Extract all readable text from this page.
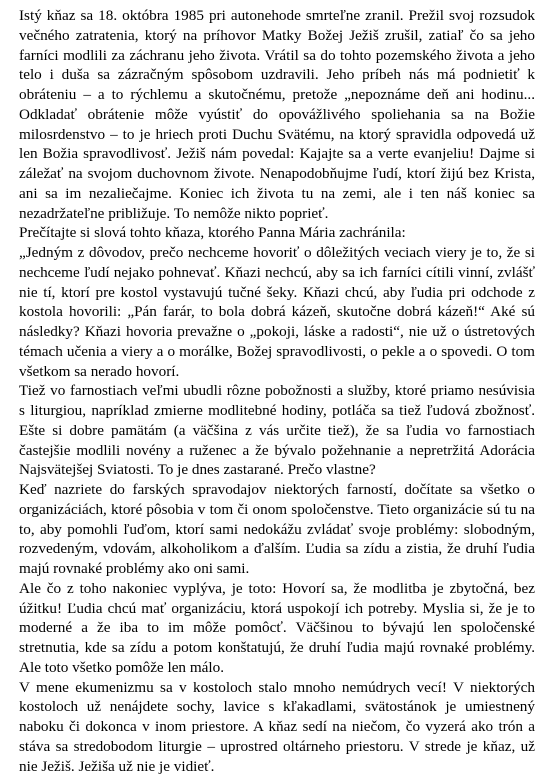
Istý kňaz sa 18. októbra 1985 pri autonehode smrteľne zranil. Prežil svoj rozsudok večného zatratenia, ktorý na príhovor Matky Božej Ježiš zrušil, zatiaľ čo sa jeho farníci modlili za záchranu jeho života. Vrátil sa do tohto pozemského života a jeho telo i duša sa zázračným spôsobom uzdravili. Jeho príbeh nás má podnietiť k obráteniu – a to rýchlemu a skutočnému, pretože „nepoznáme deň ani hodinu... Odkladať obrátenie môže vyústiť do opovážlivého spoliehania sa na Božie milosrdenstvo – to je hriech proti Duchu Svätému, na ktorý spravidla odpovedá už len Božia spravodlivosť. Ježiš nám povedal: Kajajte sa a verte evanjeliu! Dajme si záležať na svojom duchovnom živote. Nenapodobňujme ľudí, ktorí žijú bez Krista, ani sa im nezaliečajme. Koniec ich života tu na zemi, ale i ten náš koniec sa nezadržateľne približuje. To nemôže nikto poprieť.

Prečítajte si slová tohto kňaza, ktorého Panna Mária zachránila:

„Jedným z dôvodov, prečo nechceme hovoriť o dôležitých veciach viery je to, že si nechceme ľudí nejako pohnevať. Kňazi nechcú, aby sa ich farníci cítili vinní, zvlášť nie tí, ktorí pre kostol vystavujú tučné šeky. Kňazi chcú, aby ľudia pri odchode z kostola hovorili: „Pán farár, to bola dobrá kázeň, skutočne dobrá kázeň!“ Aké sú následky? Kňazi hovoria prevažne o „pokoji, láske a radosti“, nie už o ústretových témach učenia a viery a o morálke, Božej spravodlivosti, o pekle a o spovedi. O tom všetkom sa nerado hovorí.

Tiež vo farnostiach veľmi ubudli rôzne pobožnosti a služby, ktoré priamo nesúvisia s liturgiou, napríklad zmierne modlitebné hodiny, potláča sa tiež ľudová zbožnosť. Ešte si dobre pamätám (a väčšina z vás určite tiež), že sa ľudia vo farnostiach častejšie modlili novény a ruženec a že bývalo požehnanie a nepretržitá Adorácia Najsvätejšej Sviatosti. To je dnes zastarané. Prečo vlastne?

Keď nazriete do farských spravodajov niektorých farností, dočítate sa všetko o organizáciách, ktoré pôsobia v tom či onom spoločenstve. Tieto organizácie sú tu na to, aby pomohli ľuďom, ktorí sami nedokážu zvládať svoje problémy: slobodným, rozvedeným, vdovám, alkoholikom a ďalším. Ľudia sa zídu a zistia, že druhí ľudia majú rovnaké problémy ako oni sami.

Ale čo z toho nakoniec vyplýva, je toto: Hovorí sa, že modlitba je zbytočná, bez úžitku! Ľudia chcú mať organizáciu, ktorá uspokojí ich potreby. Myslia si, že je to moderné a že iba to im môže pomôcť. Väčšinou to bývajú len spoločenské stretnutia, kde sa zídu a potom konštatujú, že druhí ľudia majú rovnaké problémy. Ale toto všetko pomôže len málo.

V mene ekumenizmu sa v kostoloch stalo mnoho nemúdrych vecí! V niektorých kostoloch už nenájdete sochy, lavice s kľakadlami, svätostánok je umiestnený naboku či dokonca v inom priestore. A kňaz sedí na niečom, čo vyzerá ako trón a stáva sa stredobodom liturgie – uprostred oltárneho priestoru. V strede je kňaz, už nie Ježiš. Ježiša už nie je vidieť.
